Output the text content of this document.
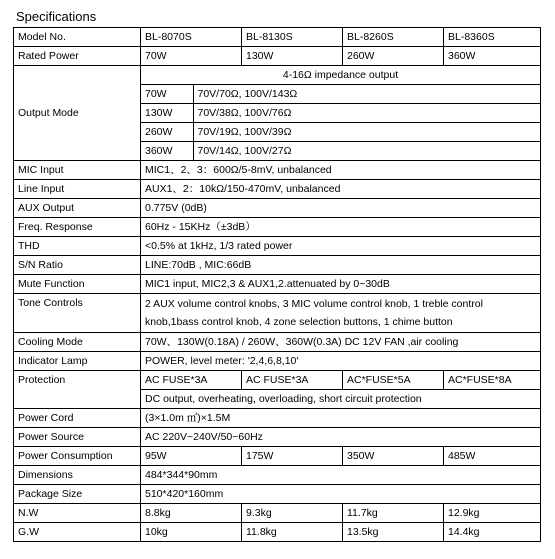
Specifications
Model No.	BL-8070S	BL-8130S	BL-8260S	BL-8360S
Rated Power	70W	130W	260W	360W
Output Mode	4-16Ω impedance output

70W	70V/70Ω, 100V/143Ω

130W	70V/38Ω, 100V/76Ω

260W	70V/19Ω, 100V/39Ω

360W	70V/14Ω, 100V/27Ω

MIC Input	MIC1、2、3：600Ω/5-8mV, unbalanced
Line Input	AUX1、2：10kΩ/150-470mV, unbalanced
AUX Output	0.775V (0dB)
Freq. Response	60Hz - 15KHz（±3dB）
THD	<0.5% at 1kHz, 1/3 rated power
S/N Ratio	LINE:70dB , MIC:66dB
Mute Function	MIC1 input, MIC2,3 & AUX1,2.attenuated by 0~30dB
Tone Controls	2 AUX volume control knobs, 3 MIC volume control knob, 1 treble control knob,1bass control knob, 4 zone selection buttons, 1 chime button
Cooling Mode	70W、130W(0.18A) / 260W、360W(0.3A) DC 12V FAN ,air cooling
Indicator Lamp	POWER, level meter: '2,4,6,8,10'
Protection	AC FUSE*3A	AC FUSE*3A	AC*FUSE*5A	AC*FUSE*8A
DC output, overheating, overloading, short circuit protection
Power Cord	(3×1.0m ㎡)×1.5M
Power Source	AC 220V~240V/50~60Hz
Power Consumption	95W	175W	350W	485W
Dimensions	484*344*90mm
Package Size	510*420*160mm
N.W	8.8kg	9.3kg	11.7kg	12.9kg
G.W	10kg	11.8kg	13.5kg	14.4kg
